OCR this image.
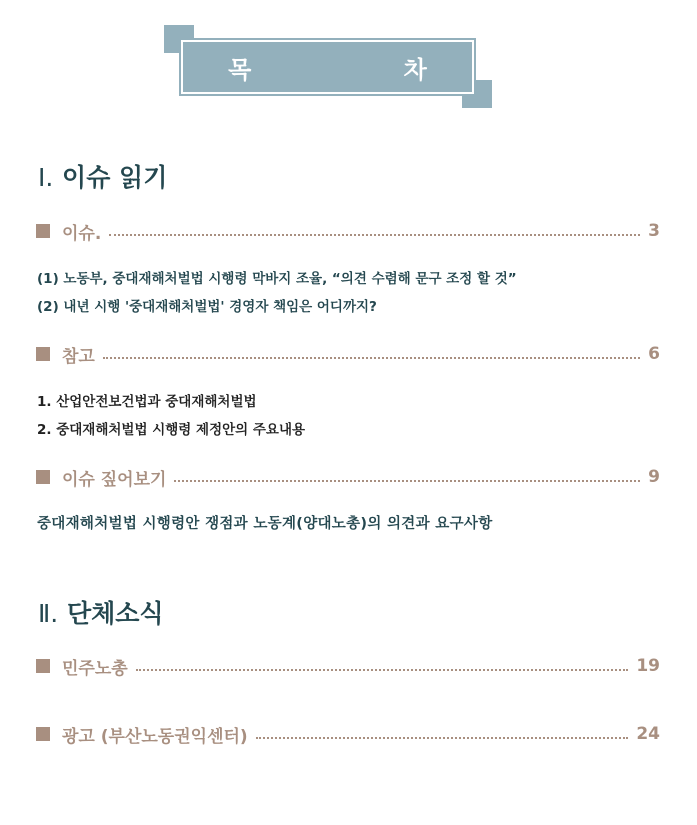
목 차
Ⅰ. 이슈 읽기
이슈.	3
(1) 노동부, 중대재해처벌법 시행령 막바지 조율, “의견 수렴해 문구 조정 할 것”
(2) 내년 시행 '중대재해처벌법' 경영자 책임은 어디까지?
참고	6
1. 산업안전보건법과 중대재해처벌법
2. 중대재해처벌법 시행령 제정안의 주요내용
이슈 짚어보기	9
중대재해처벌법 시행령안 쟁점과 노동계(양대노총)의 의견과 요구사항
Ⅱ. 단체소식
민주노총	19
광고 (부산노동권익센터)	24
